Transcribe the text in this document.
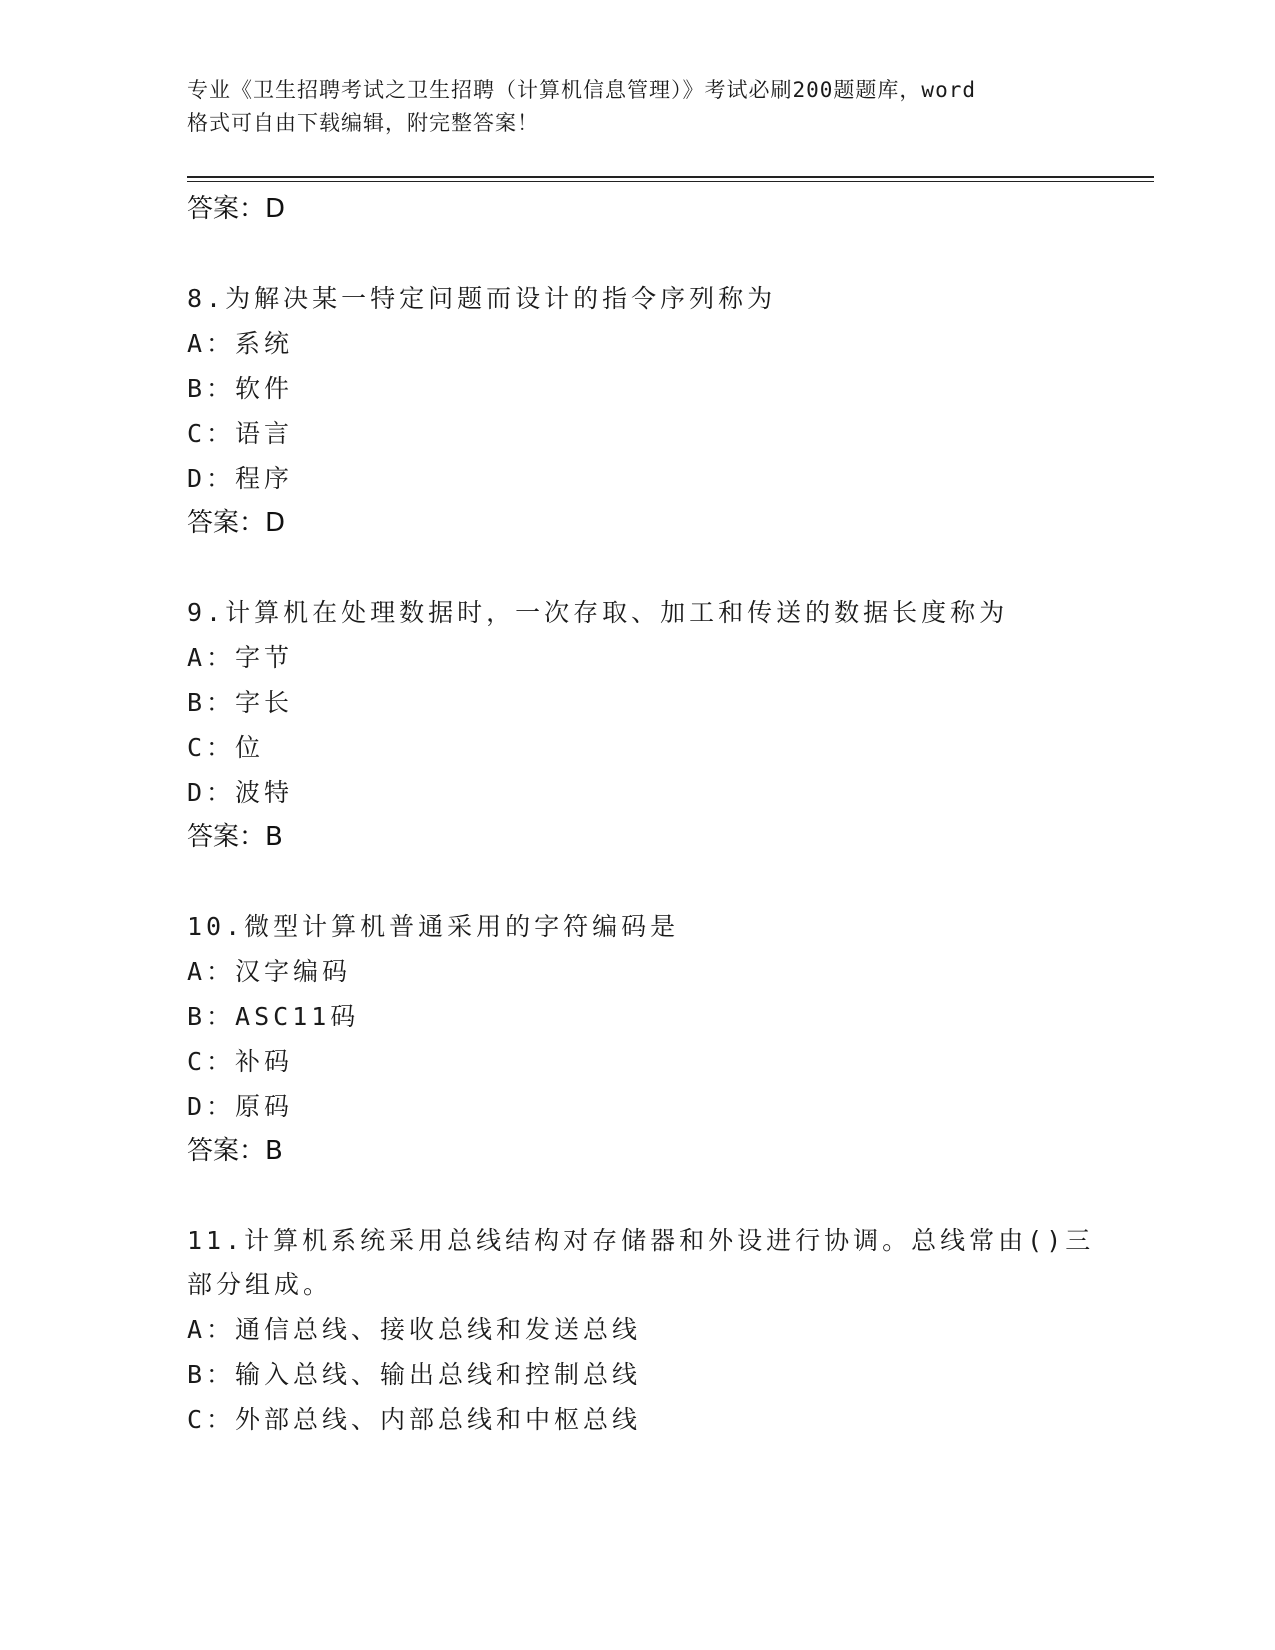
专业《卫生招聘考试之卫生招聘（计算机信息管理）》考试必刷200题题库，word
格式可自由下载编辑，附完整答案！
答案：D
8.为解决某一特定问题而设计的指令序列称为
A：系统
B：软件
C：语言
D：程序
答案：D
9.计算机在处理数据时，一次存取、加工和传送的数据长度称为
A：字节
B：字长
C：位
D：波特
答案：B
10.微型计算机普通采用的字符编码是
A：汉字编码
B：ASC11码
C：补码
D：原码
答案：B
11.计算机系统采用总线结构对存储器和外设进行协调。总线常由()三
部分组成。
A：通信总线、接收总线和发送总线
B：输入总线、输出总线和控制总线
C：外部总线、内部总线和中枢总线
